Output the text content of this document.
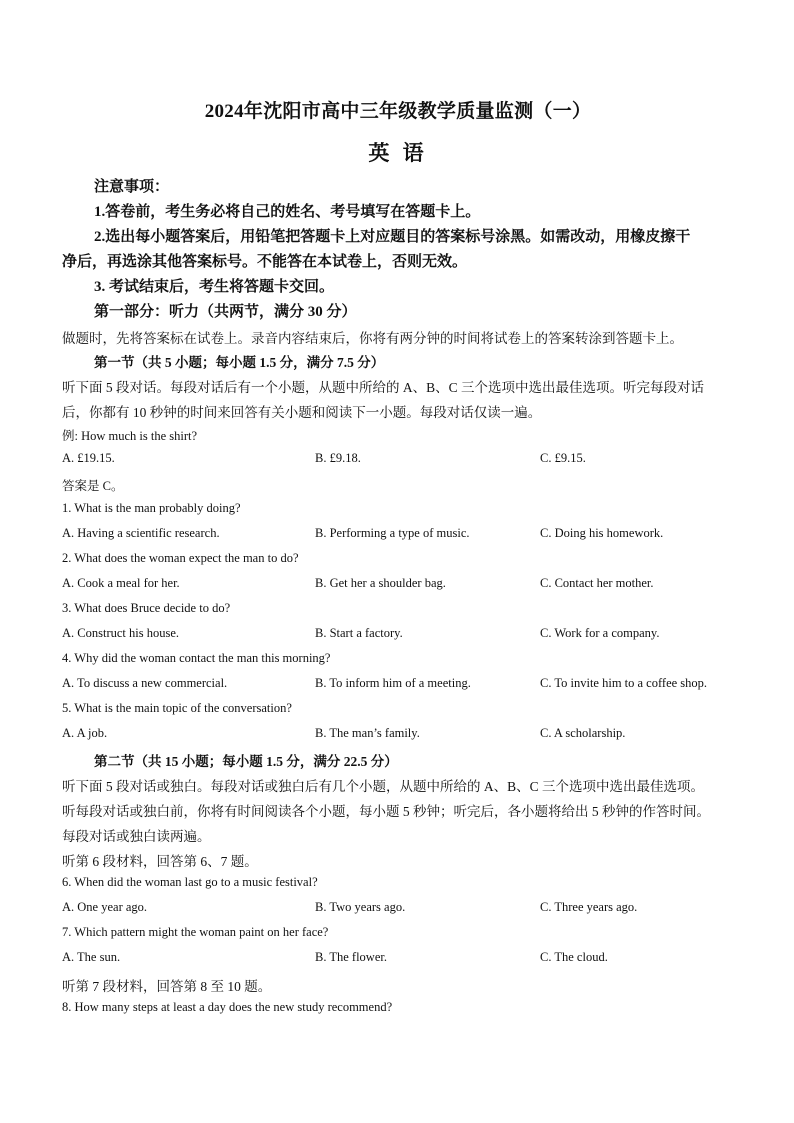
2024年沈阳市高中三年级教学质量监测（一）
英 语
注意事项：
1.答卷前，考生务必将自己的姓名、考号填写在答题卡上。
2.选出每小题答案后，用铅笔把答题卡上对应题目的答案标号涂黑。如需改动，用橡皮擦干
净后，再选涂其他答案标号。不能答在本试卷上，否则无效。
3. 考试结束后，考生将答题卡交回。
第一部分：听力（共两节，满分 30 分）
做题时，先将答案标在试卷上。录音内容结束后，你将有两分钟的时间将试卷上的答案转涂到答题卡上。
第一节（共 5 小题；每小题 1.5 分，满分 7.5 分）
听下面 5 段对话。每段对话后有一个小题，从题中所给的 A、B、C 三个选项中选出最佳选项。听完每段对话
后，你都有 10 秒钟的时间来回答有关小题和阅读下一小题。每段对话仅读一遍。
例: How much is the shirt?
A. £19.15.	B. £9.18.	C. £9.15.
答案是 C。
1. What is the man probably doing?
A. Having a scientific research.	B. Performing a type of music.	C. Doing his homework.
2. What does the woman expect the man to do?
A. Cook a meal for her.	B. Get her a shoulder bag.	C. Contact her mother.
3. What does Bruce decide to do?
A. Construct his house.	B. Start a factory.	C. Work for a company.
4. Why did the woman contact the man this morning?
A. To discuss a new commercial.	B. To inform him of a meeting.	C. To invite him to a coffee shop.
5. What is the main topic of the conversation?
A. A job.	B. The man’s family.	C. A scholarship.
第二节（共 15 小题；每小题 1.5 分，满分 22.5 分）
听下面 5 段对话或独白。每段对话或独白后有几个小题，从题中所给的 A、B、C 三个选项中选出最佳选项。
听每段对话或独白前，你将有时间阅读各个小题，每小题 5 秒钟；听完后，各小题将给出 5 秒钟的作答时间。
每段对话或独白读两遍。
听第 6 段材料，回答第 6、7 题。
6. When did the woman last go to a music festival?
A. One year ago.	B. Two years ago.	C. Three years ago.
7. Which pattern might the woman paint on her face?
A. The sun.	B. The flower.	C. The cloud.
听第 7 段材料，回答第 8 至 10 题。
8. How many steps at least a day does the new study recommend?
